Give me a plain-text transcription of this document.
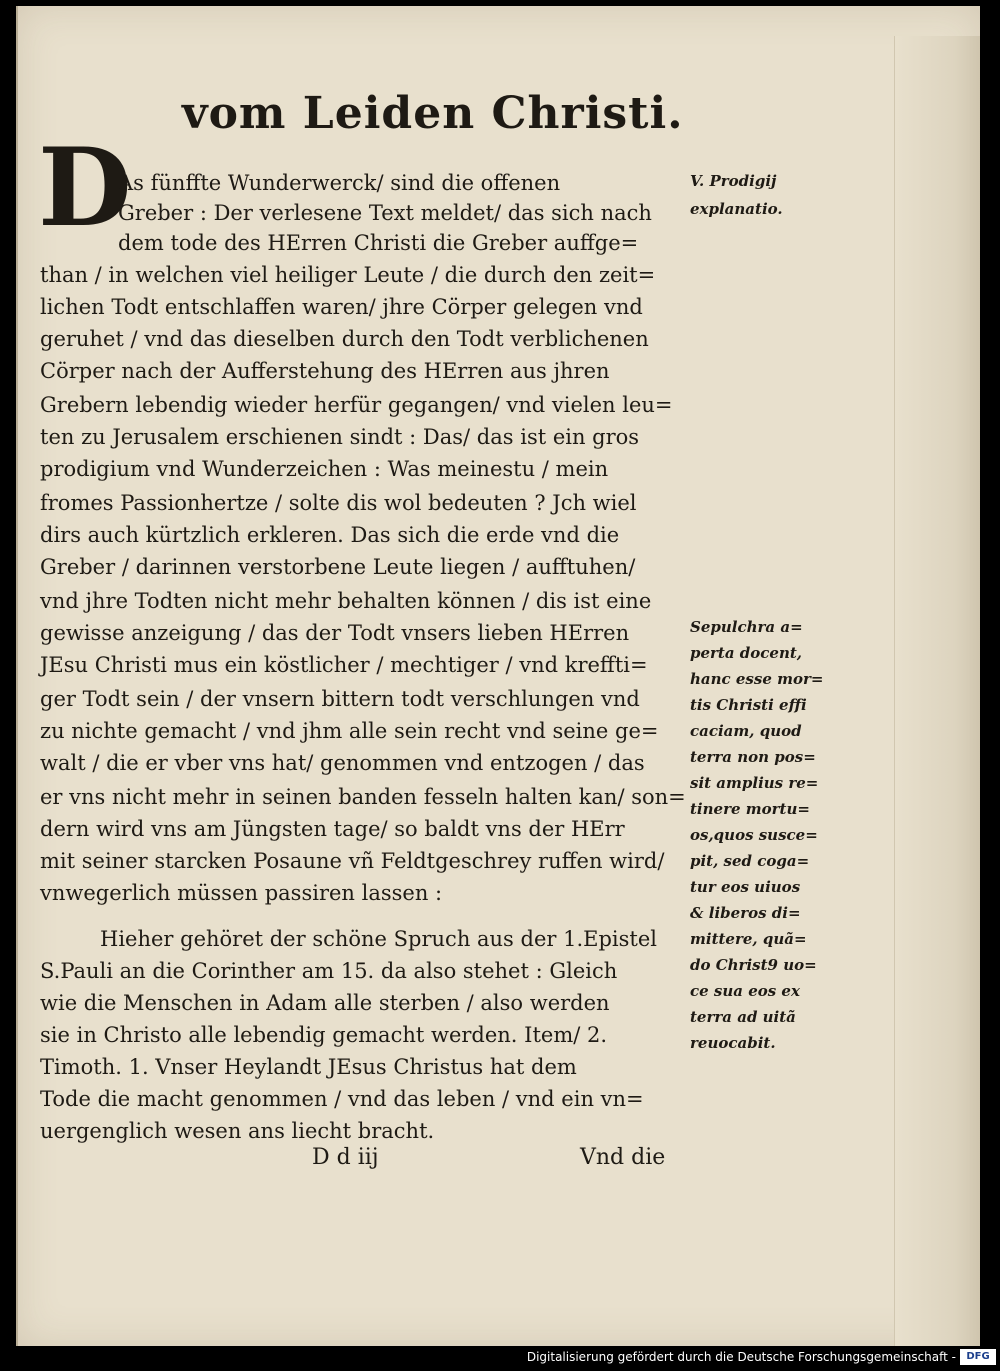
vom Leiden Christi.
D
As fünffte Wunderwerck/ sind die offenen
Greber : Der verlesene Text meldet/ das sich nach
dem tode des HErren Christi die Greber auffge=
than / in welchen viel heiliger Leute / die durch den zeit=
lichen Todt entschlaffen waren/ jhre Cörper gelegen vnd
geruhet / vnd das dieselben durch den Todt verblichenen
Cörper nach der Aufferstehung des HErren aus jhren
Grebern lebendig wieder herfür gegangen/ vnd vielen leu=
ten zu Jerusalem erschienen sindt : Das/ das ist ein gros
prodigium vnd Wunderzeichen : Was meinestu / mein
fromes Passionhertze / solte dis wol bedeuten ? Jch wiel
dirs auch kürtzlich erkleren. Das sich die erde vnd die
Greber / darinnen verstorbene Leute liegen / aufftuhen/
vnd jhre Todten nicht mehr behalten können / dis ist eine
gewisse anzeigung / das der Todt vnsers lieben HErren
JEsu Christi mus ein köstlicher / mechtiger / vnd kreffti=
ger Todt sein / der vnsern bittern todt verschlungen vnd
zu nichte gemacht / vnd jhm alle sein recht vnd seine ge=
walt / die er vber vns hat/ genommen vnd entzogen / das
er vns nicht mehr in seinen banden fesseln halten kan/ son=
dern wird vns am Jüngsten tage/ so baldt vns der HErr
mit seiner starcken Posaune vñ Feldtgeschrey ruffen wird/
vnwegerlich müssen passiren lassen :
Hieher gehöret der schöne Spruch aus der 1.Epistel
S.Pauli an die Corinther am 15. da also stehet : Gleich
wie die Menschen in Adam alle sterben / also werden
sie in Christo alle lebendig gemacht werden. Item/ 2.
Timoth. 1. Vnser Heylandt JEsus Christus hat dem
Tode die macht genommen / vnd das leben / vnd ein vn=
uergenglich wesen ans liecht bracht.
V. Prodigij
explanatio.
Sepulchra a=
perta docent,
hanc esse mor=
tis Christi effi
caciam, quod
terra non pos=
sit amplius re=
tinere mortu=
os,quos susce=
pit, sed coga=
tur eos uiuos
& liberos di=
mittere, quã=
do Christ9 uo=
ce sua eos ex
terra ad uitã
reuocabit.
D d iij	Vnd die
Digitalisierung gefördert durch die Deutsche Forschungsgemeinschaft -	DFG
